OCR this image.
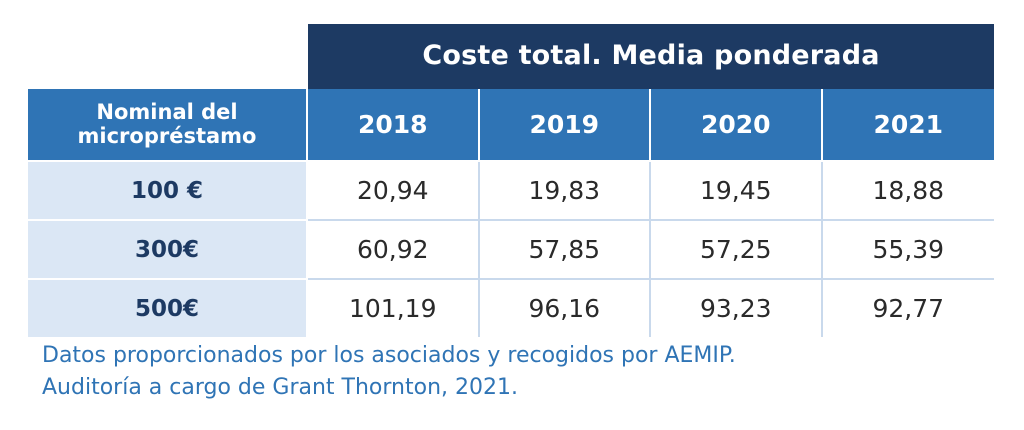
	Coste total. Media ponderada			
Nominal del
micropréstamo	2018	2019	2020	2021
100 €	20,94	19,83	19,45	18,88
300€	60,92	57,85	57,25	55,39
500€	101,19	96,16	93,23	92,77
Datos proporcionados por los asociados y recogidos por AEMIP.
Auditoría a cargo de Grant Thornton, 2021.
